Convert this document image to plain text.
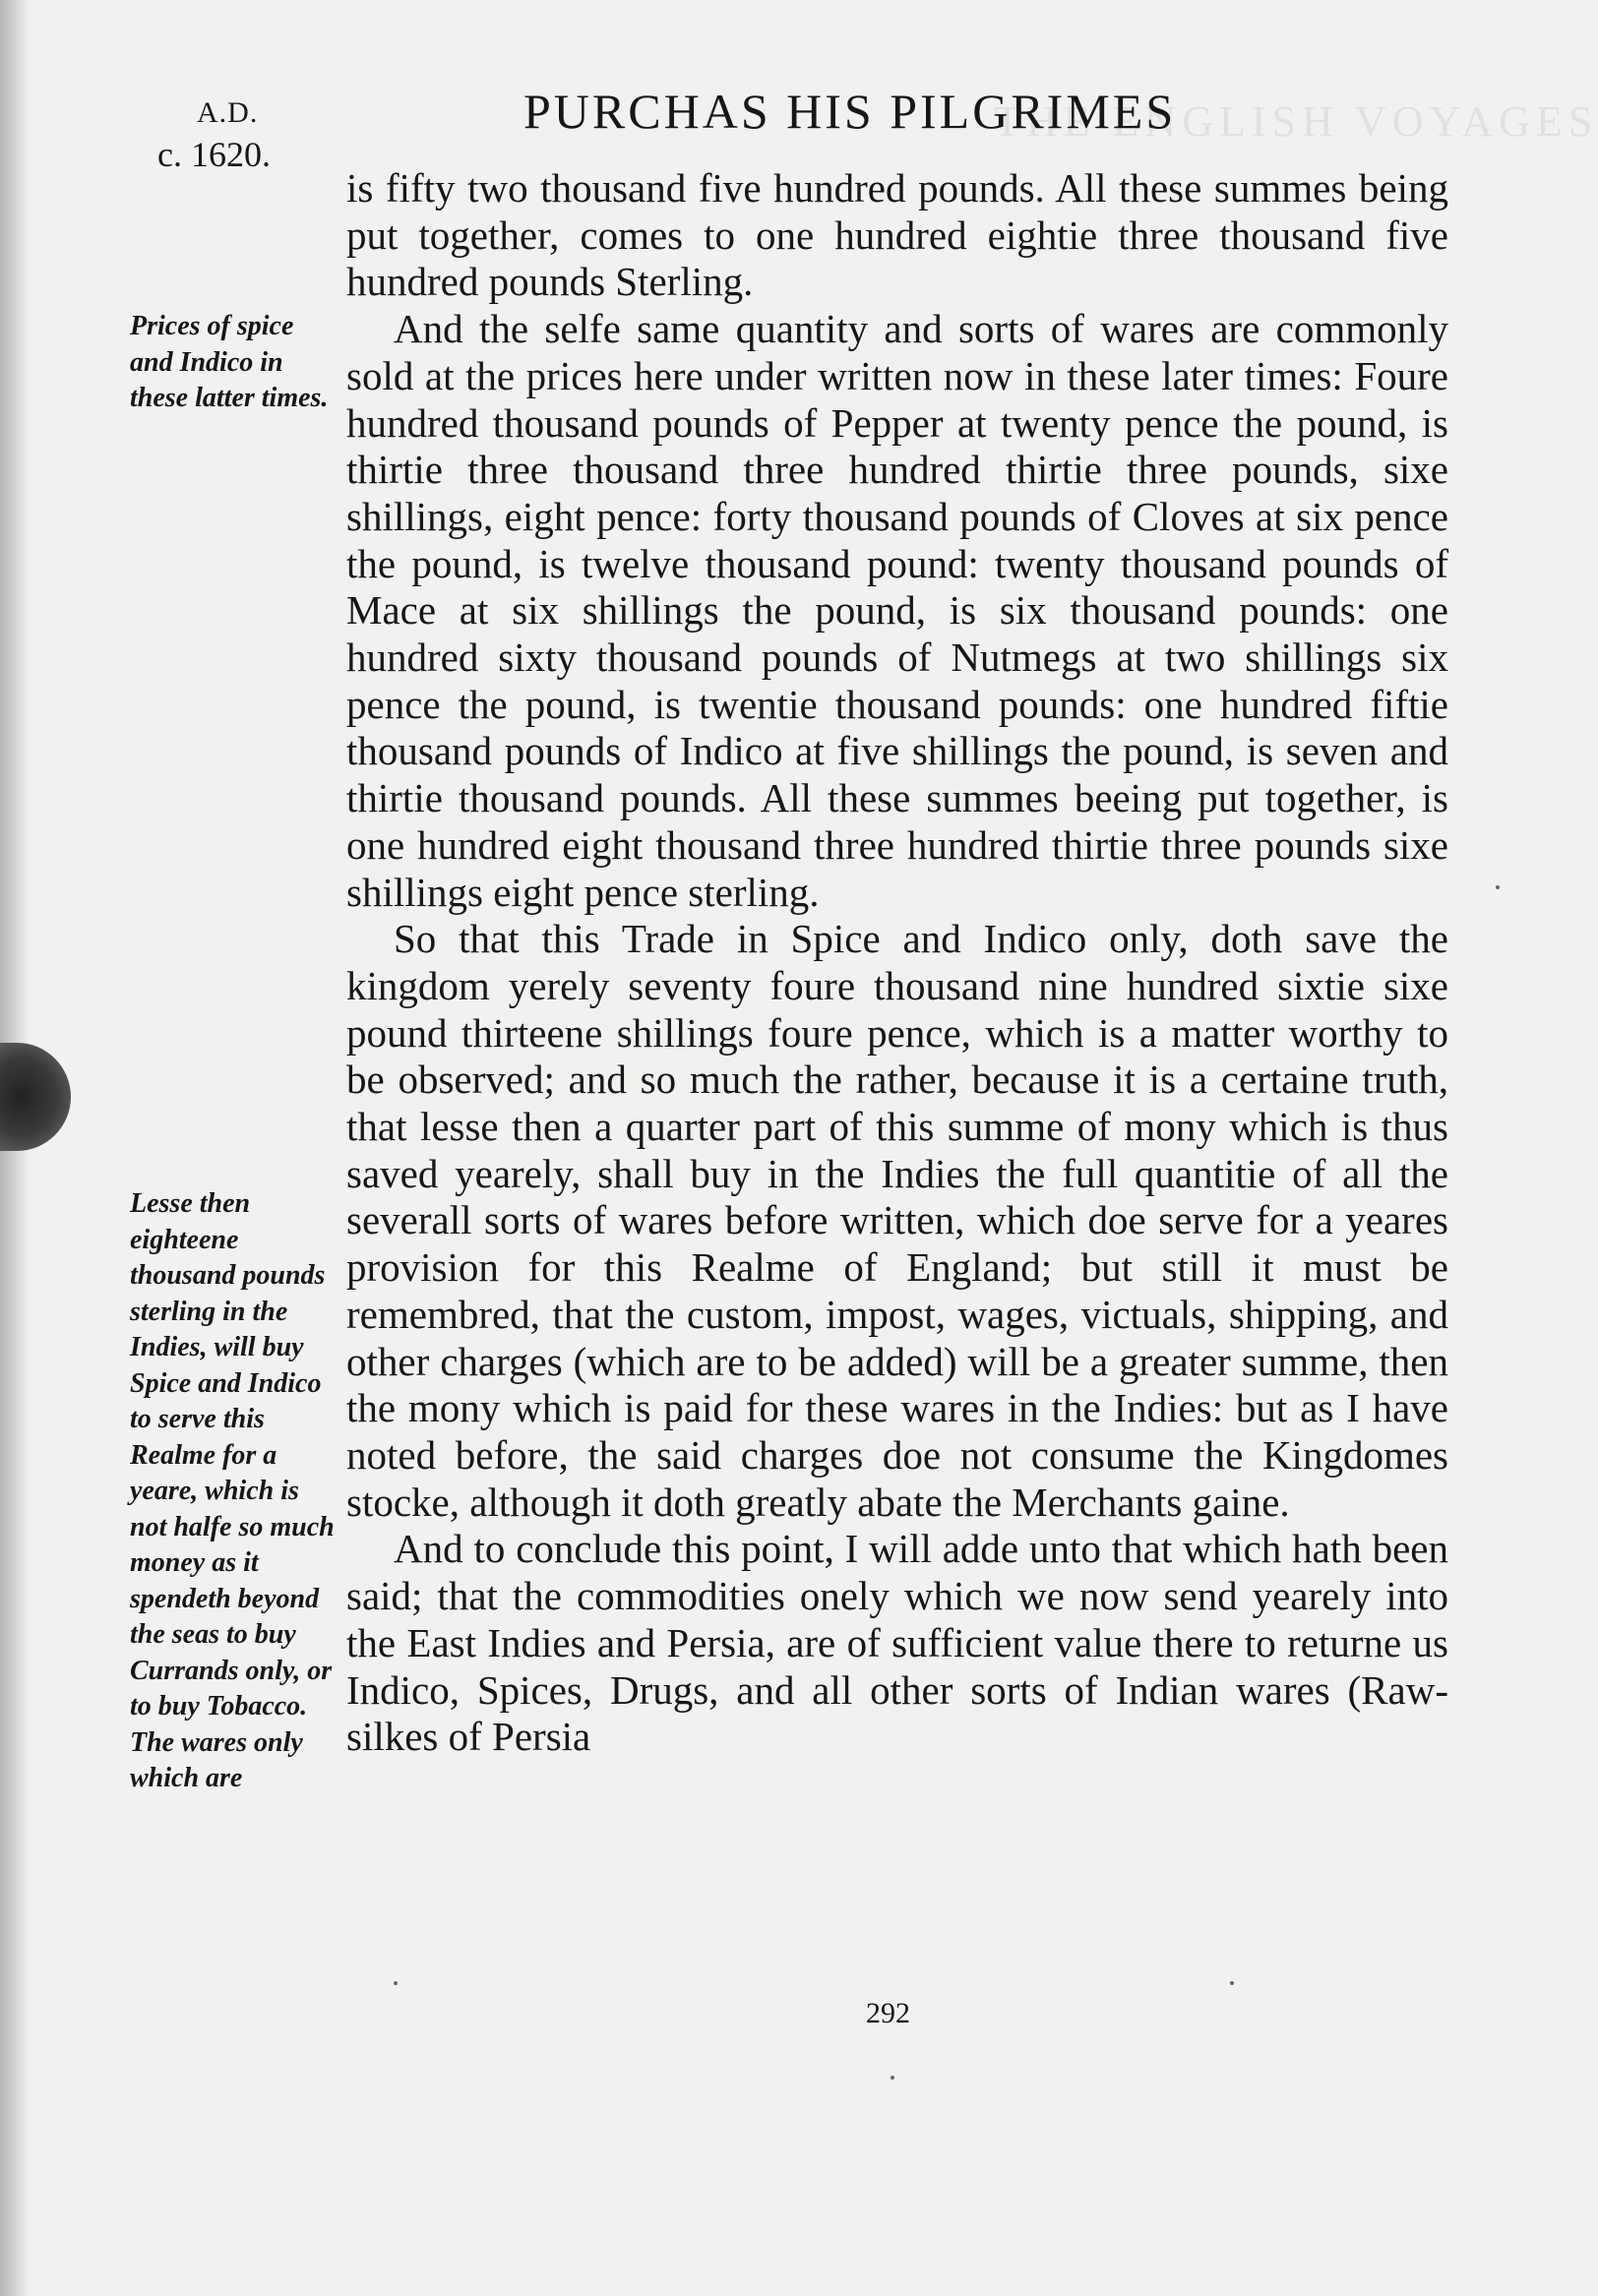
THE ENGLISH VOYAGES
A.D.
c. 1620.
PURCHAS HIS PILGRIMES
Prices of spice and Indico in these latter times.
Lesse then eighteene thousand pounds sterling in the Indies, will buy Spice and Indico to serve this Realme for a yeare, which is not halfe so much money as it spendeth beyond the seas to buy Currands only, or to buy Tobacco. The wares only which are

is fifty two thousand five hundred pounds. All these summes being put together, comes to one hundred eightie three thousand five hundred pounds Sterling.

And the selfe same quantity and sorts of wares are commonly sold at the prices here under written now in these later times: Foure hundred thousand pounds of Pepper at twenty pence the pound, is thirtie three thousand three hundred thirtie three pounds, sixe shillings, eight pence: forty thousand pounds of Cloves at six pence the pound, is twelve thousand pound: twenty thousand pounds of Mace at six shillings the pound, is six thousand pounds: one hundred sixty thousand pounds of Nutmegs at two shillings six pence the pound, is twentie thousand pounds: one hundred fiftie thousand pounds of Indico at five shillings the pound, is seven and thirtie thousand pounds. All these summes beeing put together, is one hundred eight thousand three hundred thirtie three pounds sixe shillings eight pence sterling.

So that this Trade in Spice and Indico only, doth save the kingdom yerely seventy foure thousand nine hundred sixtie sixe pound thirteene shillings foure pence, which is a matter worthy to be observed; and so much the rather, because it is a certaine truth, that lesse then a quarter part of this summe of mony which is thus saved yearely, shall buy in the Indies the full quantitie of all the severall sorts of wares before written, which doe serve for a yeares provision for this Realme of England; but still it must be remembred, that the custom, impost, wages, victuals, shipping, and other charges (which are to be added) will be a greater summe, then the mony which is paid for these wares in the Indies: but as I have noted before, the said charges doe not consume the Kingdomes stocke, although it doth greatly abate the Merchants gaine.

And to conclude this point, I will adde unto that which hath been said; that the commodities onely which we now send yearely into the East Indies and Persia, are of sufficient value there to returne us Indico, Spices, Drugs, and all other sorts of Indian wares (Raw-silkes of Persia

292
